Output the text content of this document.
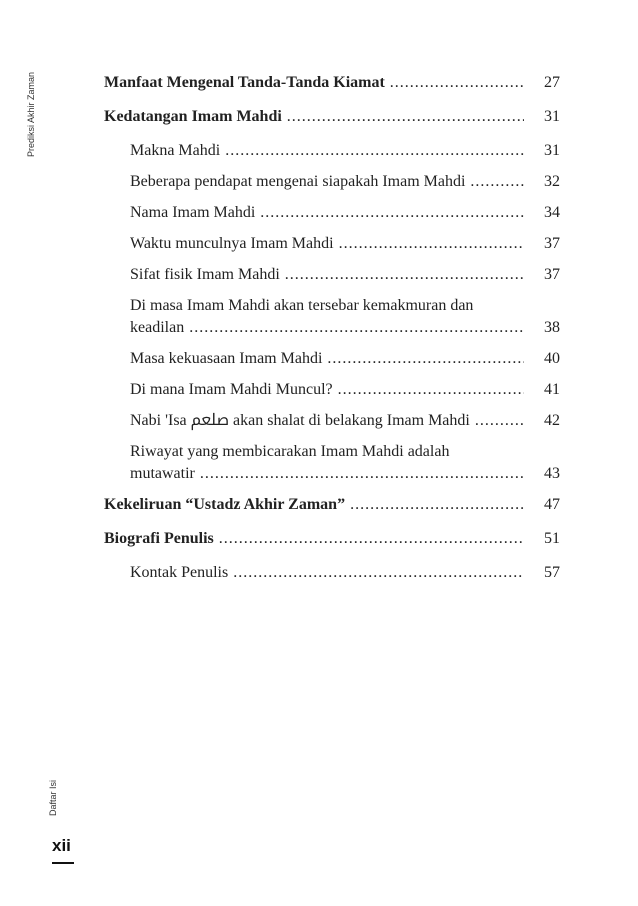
Prediksi Akhir Zaman
Daftar Isi
Manfaat Mengenal Tanda-Tanda Kiamat .....	27
Kedatangan Imam Mahdi .....	31
Makna Mahdi .....	31
Beberapa pendapat mengenai siapakah Imam Mahdi .....	32
Nama Imam Mahdi .....	34
Waktu munculnya Imam Mahdi .....	37
Sifat fisik Imam Mahdi .....	37
Di masa Imam Mahdi akan tersebar kemakmuran dan
keadilan .....	38
Masa kekuasaan Imam Mahdi .....	40
Di mana Imam Mahdi Muncul? .....	41
Nabi 'Isa ﷵ akan shalat di belakang Imam Mahdi .....	42
Riwayat yang membicarakan Imam Mahdi adalah
mutawatir .....	43
Kekeliruan “Ustadz Akhir Zaman” .....	47
Biografi Penulis .....	51
Kontak Penulis .....	57
xii
